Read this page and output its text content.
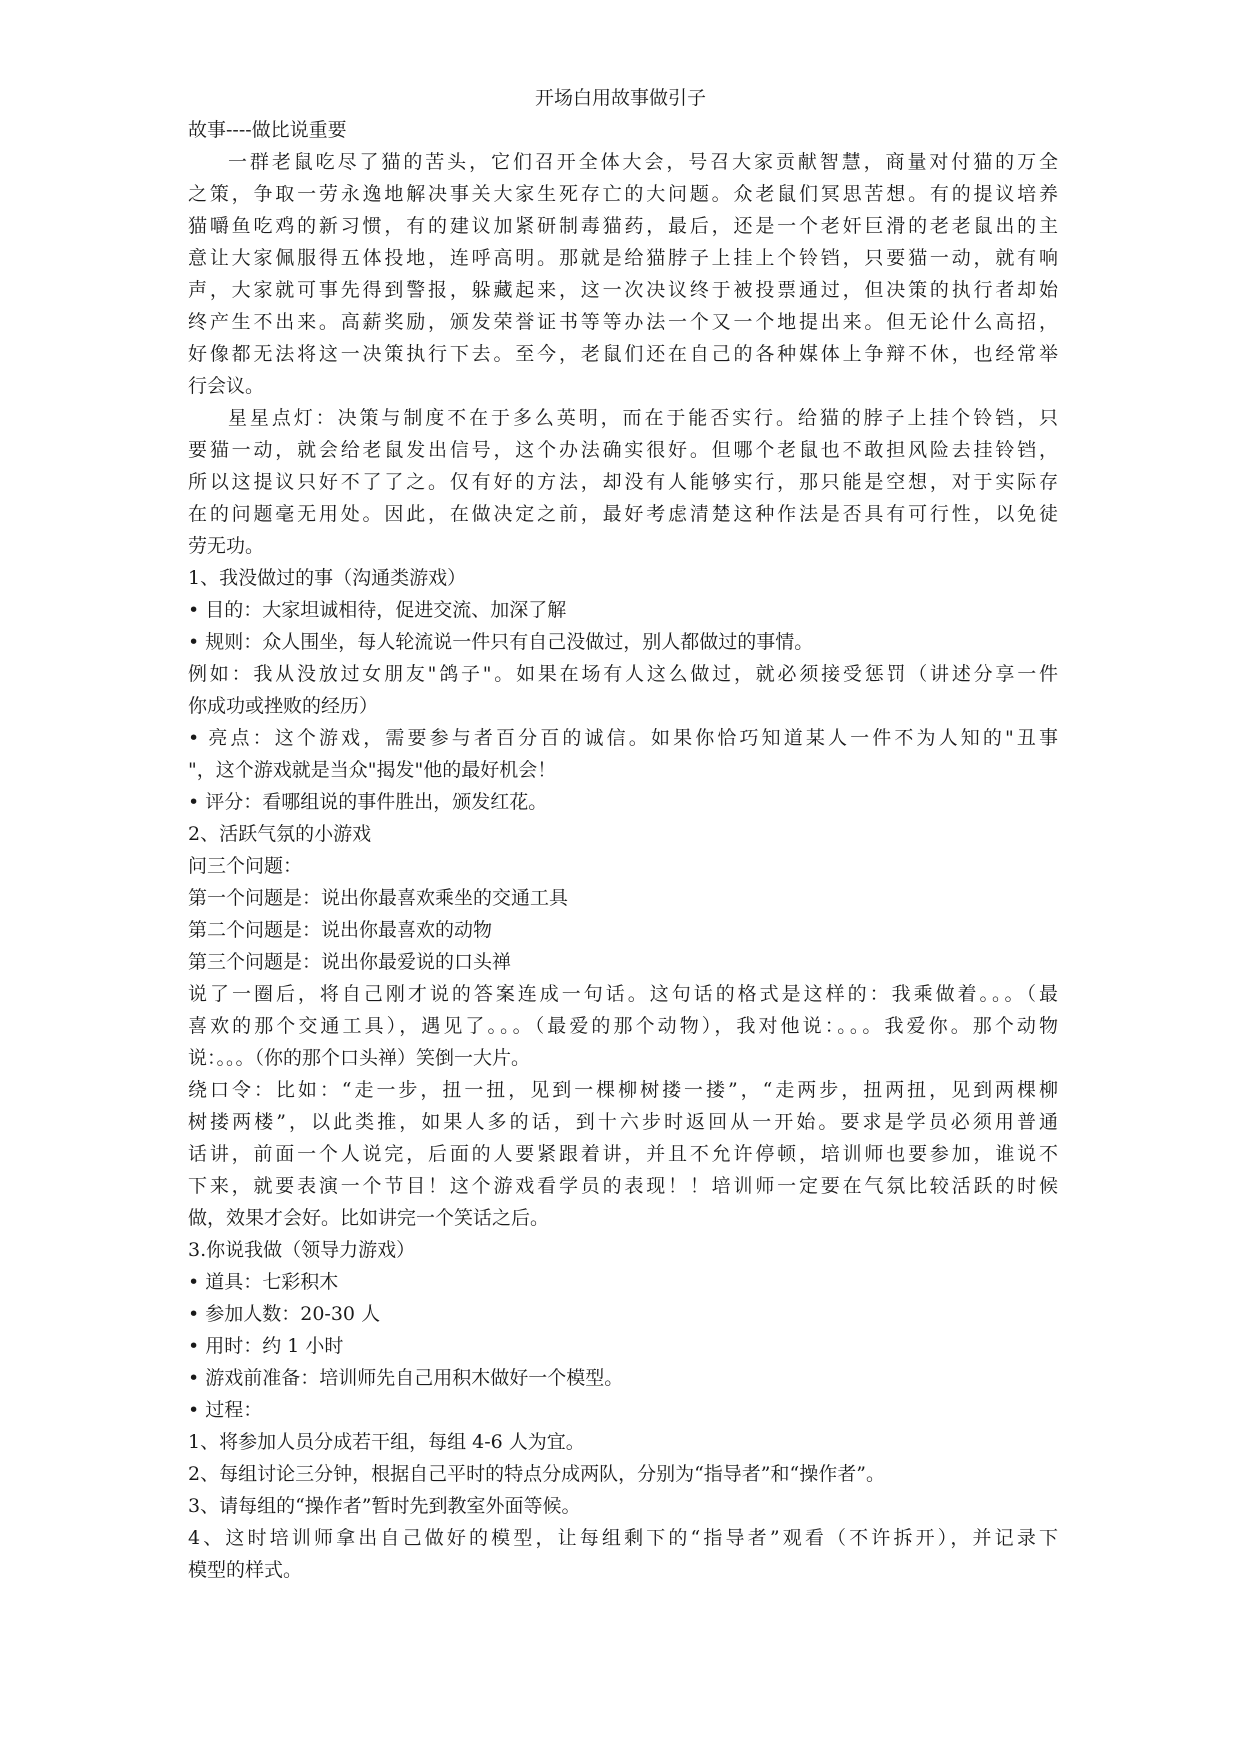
开场白用故事做引子
故事----做比说重要
一群老鼠吃尽了猫的苦头，它们召开全体大会，号召大家贡献智慧，商量对付猫的万全
之策，争取一劳永逸地解决事关大家生死存亡的大问题。众老鼠们冥思苦想。有的提议培养
猫嚼鱼吃鸡的新习惯，有的建议加紧研制毒猫药，最后，还是一个老奸巨滑的老老鼠出的主
意让大家佩服得五体投地，连呼高明。那就是给猫脖子上挂上个铃铛，只要猫一动，就有响
声，大家就可事先得到警报，躲藏起来，这一次决议终于被投票通过，但决策的执行者却始
终产生不出来。高薪奖励，颁发荣誉证书等等办法一个又一个地提出来。但无论什么高招，
好像都无法将这一决策执行下去。至今，老鼠们还在自己的各种媒体上争辩不休，也经常举
行会议。
星星点灯：决策与制度不在于多么英明，而在于能否实行。给猫的脖子上挂个铃铛，只
要猫一动，就会给老鼠发出信号，这个办法确实很好。但哪个老鼠也不敢担风险去挂铃铛，
所以这提议只好不了了之。仅有好的方法，却没有人能够实行，那只能是空想，对于实际存
在的问题毫无用处。因此，在做决定之前，最好考虑清楚这种作法是否具有可行性，以免徒
劳无功。
1、我没做过的事（沟通类游戏）
• 目的：大家坦诚相待，促进交流、加深了解
• 规则：众人围坐，每人轮流说一件只有自己没做过，别人都做过的事情。
例如：我从没放过女朋友"鸽子"。如果在场有人这么做过，就必须接受惩罚（讲述分享一件
你成功或挫败的经历）
• 亮点：这个游戏，需要参与者百分百的诚信。如果你恰巧知道某人一件不为人知的"丑事
"，这个游戏就是当众"揭发"他的最好机会！
• 评分：看哪组说的事件胜出，颁发红花。
2、活跃气氛的小游戏
问三个问题：
第一个问题是：说出你最喜欢乘坐的交通工具
第二个问题是：说出你最喜欢的动物
第三个问题是：说出你最爱说的口头禅
说了一圈后，将自己刚才说的答案连成一句话。这句话的格式是这样的：我乘做着。。。（最
喜欢的那个交通工具），遇见了。。。（最爱的那个动物），我对他说：。。。我爱你。那个动物
说：。。。（你的那个口头禅）笑倒一大片。
绕口令：比如：“走一步，扭一扭，见到一棵柳树搂一搂”，“走两步，扭两扭，见到两棵柳
树搂两楼”，以此类推，如果人多的话，到十六步时返回从一开始。要求是学员必须用普通
话讲，前面一个人说完，后面的人要紧跟着讲，并且不允许停顿，培训师也要参加，谁说不
下来，就要表演一个节目！这个游戏看学员的表现！！培训师一定要在气氛比较活跃的时候
做，效果才会好。比如讲完一个笑话之后。
3.你说我做（领导力游戏）
• 道具：七彩积木
• 参加人数：20-30 人
• 用时：约 1 小时
• 游戏前准备：培训师先自己用积木做好一个模型。
• 过程：
1、将参加人员分成若干组，每组 4-6 人为宜。
2、每组讨论三分钟，根据自己平时的特点分成两队，分别为“指导者”和“操作者”。
3、请每组的“操作者”暂时先到教室外面等候。
4、这时培训师拿出自己做好的模型，让每组剩下的“指导者”观看（不许拆开），并记录下
模型的样式。
